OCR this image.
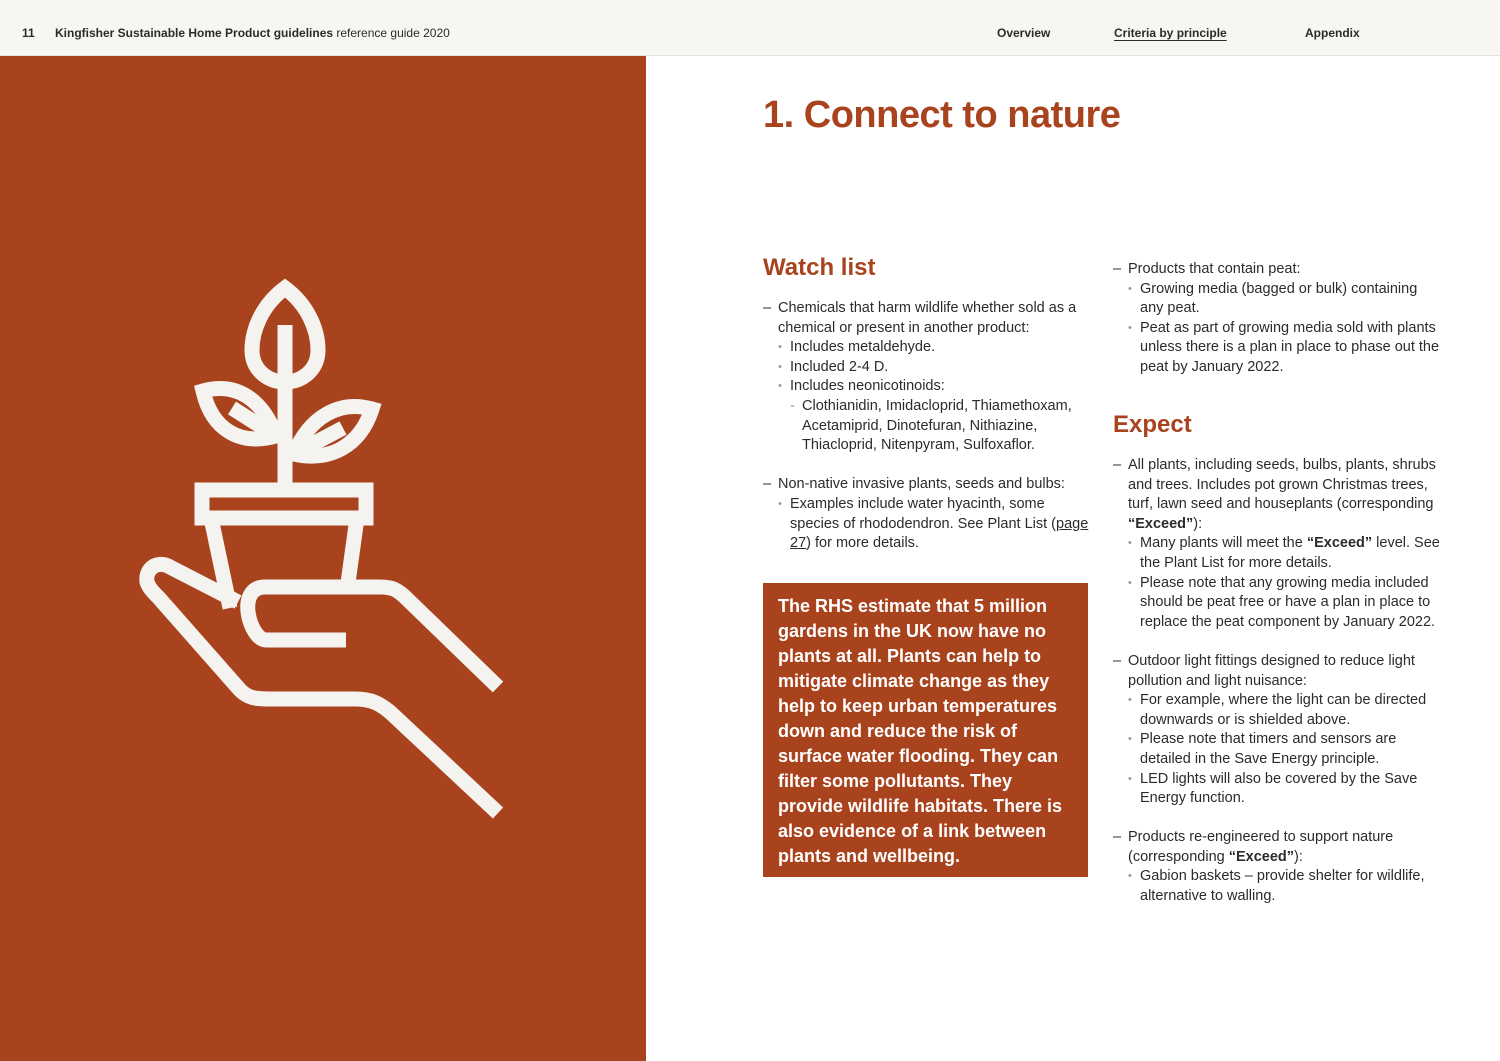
11 Kingfisher Sustainable Home Product guidelines reference guide 2020	Overview	Criteria by principle	Appendix
1. Connect to nature
Watch list
– Chemicals that harm wildlife whether sold as a chemical or present in another product:
• Includes metaldehyde.
• Included 2-4 D.
• Includes neonicotinoids:
- Clothianidin, Imidacloprid, Thiamethoxam, Acetamiprid, Dinotefuran, Nithiazine, Thiacloprid, Nitenpyram, Sulfoxaflor.
– Non-native invasive plants, seeds and bulbs:
• Examples include water hyacinth, some species of rhododendron. See Plant List (page 27) for more details.
The RHS estimate that 5 million gardens in the UK now have no plants at all. Plants can help to mitigate climate change as they help to keep urban temperatures down and reduce the risk of surface water flooding. They can filter some pollutants. They provide wildlife habitats. There is also evidence of a link between plants and wellbeing.
– Products that contain peat:
• Growing media (bagged or bulk) containing any peat.
• Peat as part of growing media sold with plants unless there is a plan in place to phase out the peat by January 2022.
Expect
– All plants, including seeds, bulbs, plants, shrubs and trees. Includes pot grown Christmas trees, turf, lawn seed and houseplants (corresponding “Exceed”):
• Many plants will meet the “Exceed” level. See the Plant List for more details.
• Please note that any growing media included should be peat free or have a plan in place to replace the peat component by January 2022.
– Outdoor light fittings designed to reduce light pollution and light nuisance:
• For example, where the light can be directed downwards or is shielded above.
• Please note that timers and sensors are detailed in the Save Energy principle.
• LED lights will also be covered by the Save Energy function.
– Products re-engineered to support nature (corresponding “Exceed”):
• Gabion baskets – provide shelter for wildlife, alternative to walling.
